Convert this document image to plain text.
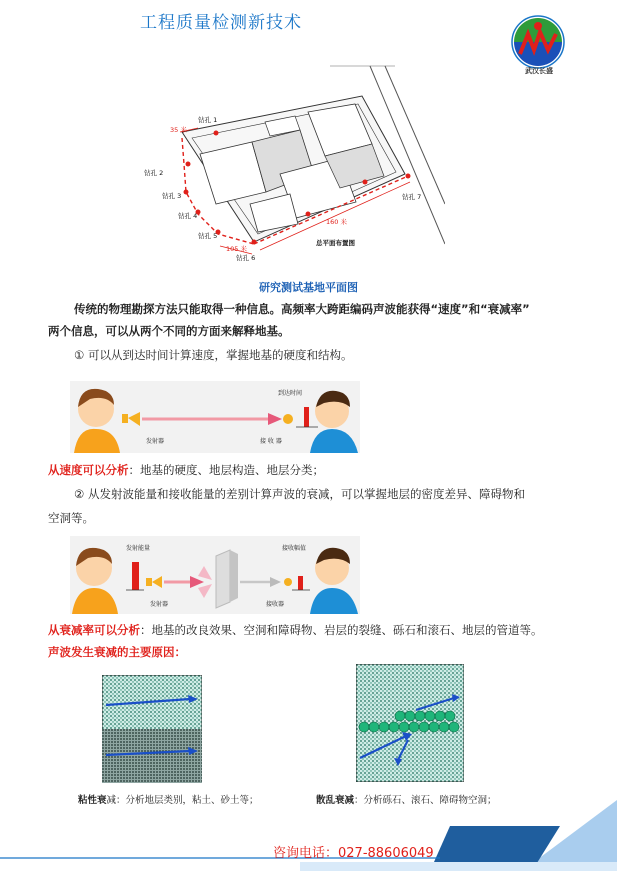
工程质量检测新技术
武汉长盛
钻孔 1
钻孔 2
钻孔 3
钻孔 4
钻孔 5
钻孔 6
钻孔 7
总平面布置图
35 米
160 米
105 米
研究测试基地平面图
传统的物理勘探方法只能取得一种信息。高频率大跨距编码声波能获得“速度”和“衰减率”
两个信息，可以从两个不同的方面来解释地基。
① 可以从到达时间计算速度，掌握地基的硬度和结构。
到达时间
发射器	接 收 器
从速度可以分析：地基的硬度、地层构造、地层分类；
② 从发射波能量和接收能量的差别计算声波的衰减，可以掌握地层的密度差异、障碍物和
空洞等。
发射能量	接收幅值
发射器	接收器
从衰减率可以分析：地基的改良效果、空洞和障碍物、岩层的裂缝、砾石和滚石、地层的管道等。
声波发生衰减的主要原因：
粘性衰减：分析地层类别，粘土、砂土等；	散乱衰减：分析砾石、滚石、障碍物空洞；
咨询电话：027-88606049
